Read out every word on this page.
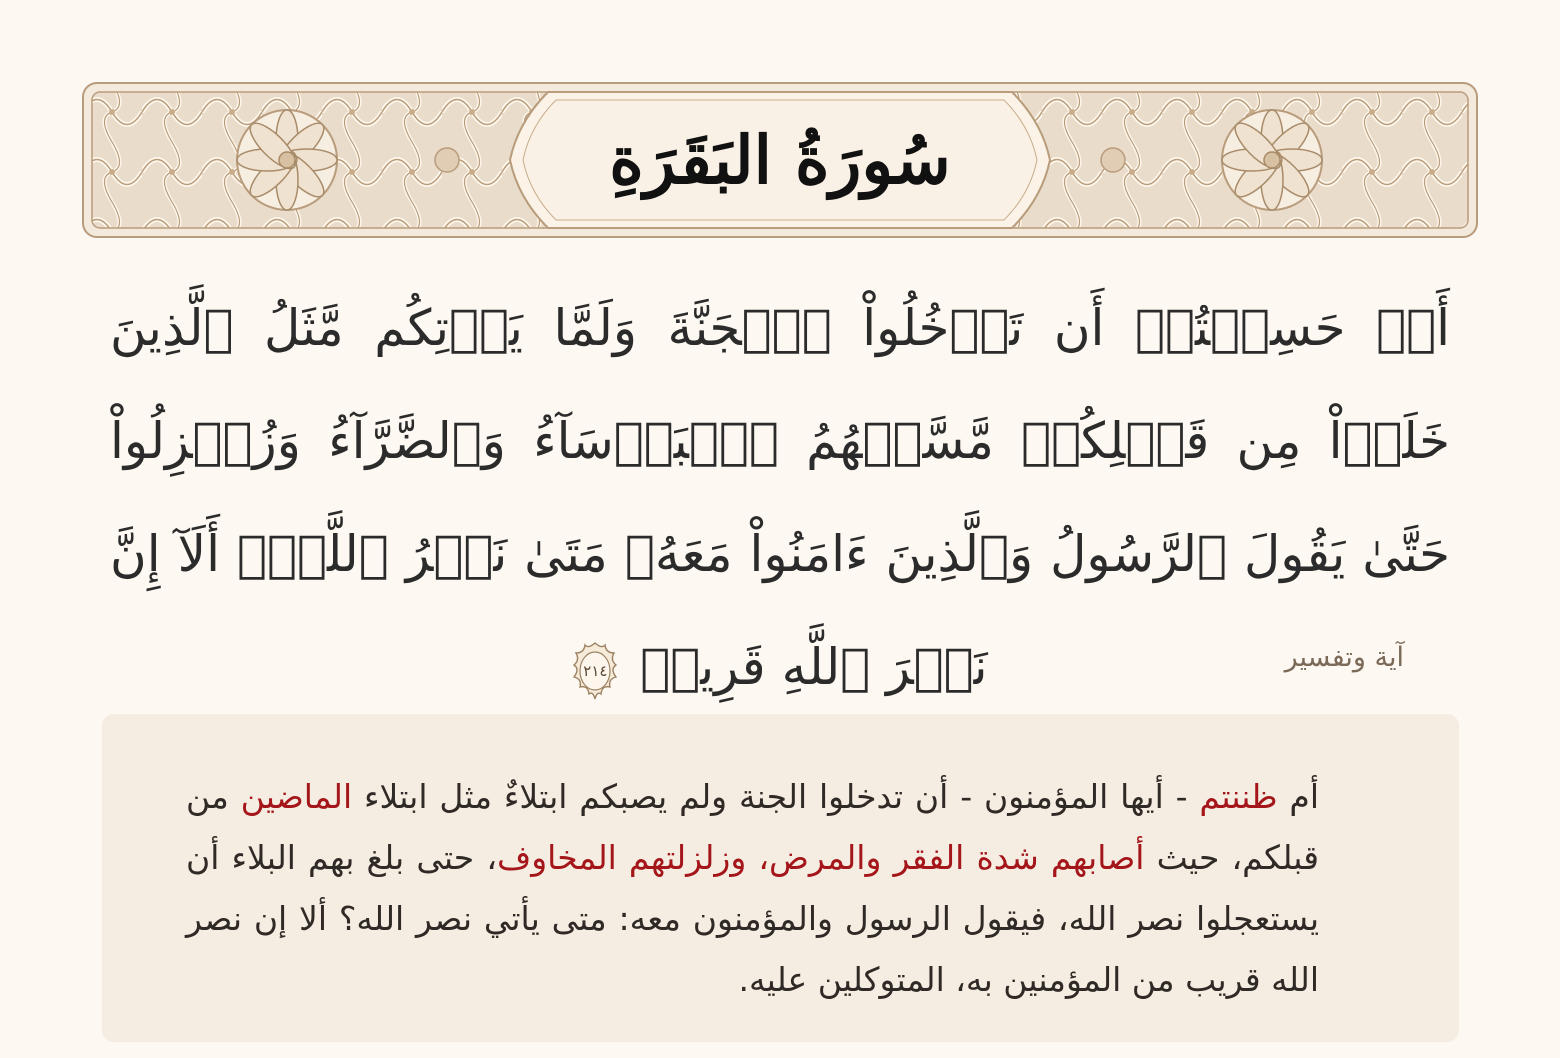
سُورَةُ البَقَرَةِ
أَمۡ حَسِبۡتُمۡ أَن تَدۡخُلُواْ ٱلۡجَنَّةَ وَلَمَّا يَأۡتِكُم مَّثَلُ ٱلَّذِينَ خَلَوۡاْ مِن قَبۡلِكُمۖ مَّسَّتۡهُمُ ٱلۡبَأۡسَآءُ وَٱلضَّرَّآءُ وَزُلۡزِلُواْ حَتَّىٰ يَقُولَ ٱلرَّسُولُ وَٱلَّذِينَ ءَامَنُواْ مَعَهُۥ مَتَىٰ نَصۡرُ ٱللَّهِۗ أَلَآ إِنَّ نَصۡرَ ٱللَّهِ قَرِيبٞ
٢١٤	آية وتفسير

أم ظننتم - أيها المؤمنون - أن تدخلوا الجنة ولم يصبكم ابتلاءٌ مثل ابتلاء الماضين من قبلكم، حيث أصابهم شدة الفقر والمرض، وزلزلتهم المخاوف، حتى بلغ بهم البلاء أن يستعجلوا نصر الله، فيقول الرسول والمؤمنون معه: متى يأتي نصر الله؟ ألا إن نصر الله قريب من المؤمنين به، المتوكلين عليه.
